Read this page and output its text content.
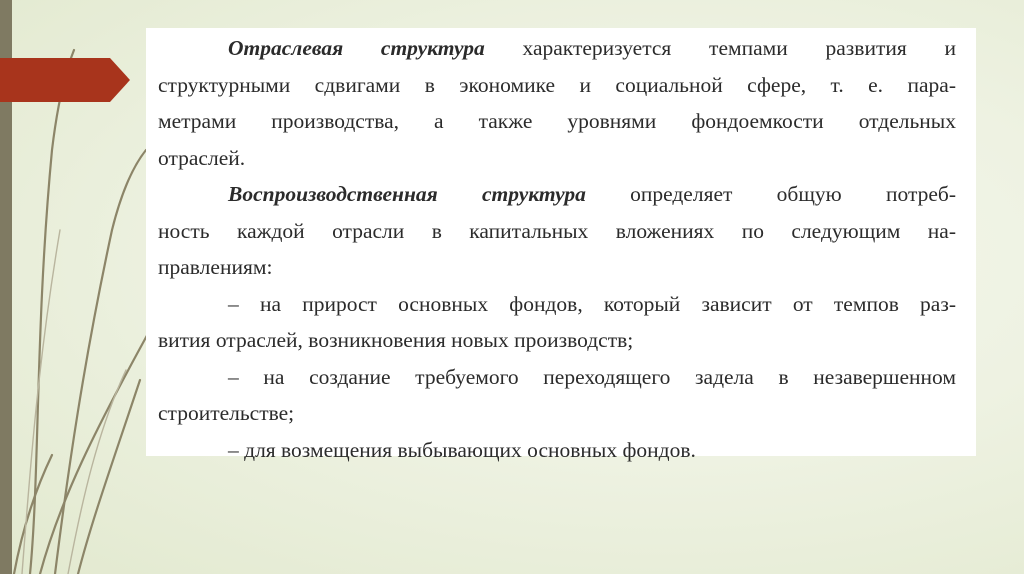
Отраслевая структура характеризуется темпами развития и
структурными сдвигами в экономике и социальной сфере, т. е. пара-
метрами производства, а также уровнями фондоемкости отдельных
отраслей.

Воспроизводственная структура определяет общую потреб-
ность каждой отрасли в капитальных вложениях по следующим на-
правлениям:

– на прирост основных фондов, который зависит от темпов раз-
вития отраслей, возникновения новых производств;

– на создание требуемого переходящего задела в незавершенном
строительстве;

– для возмещения выбывающих основных фондов.
